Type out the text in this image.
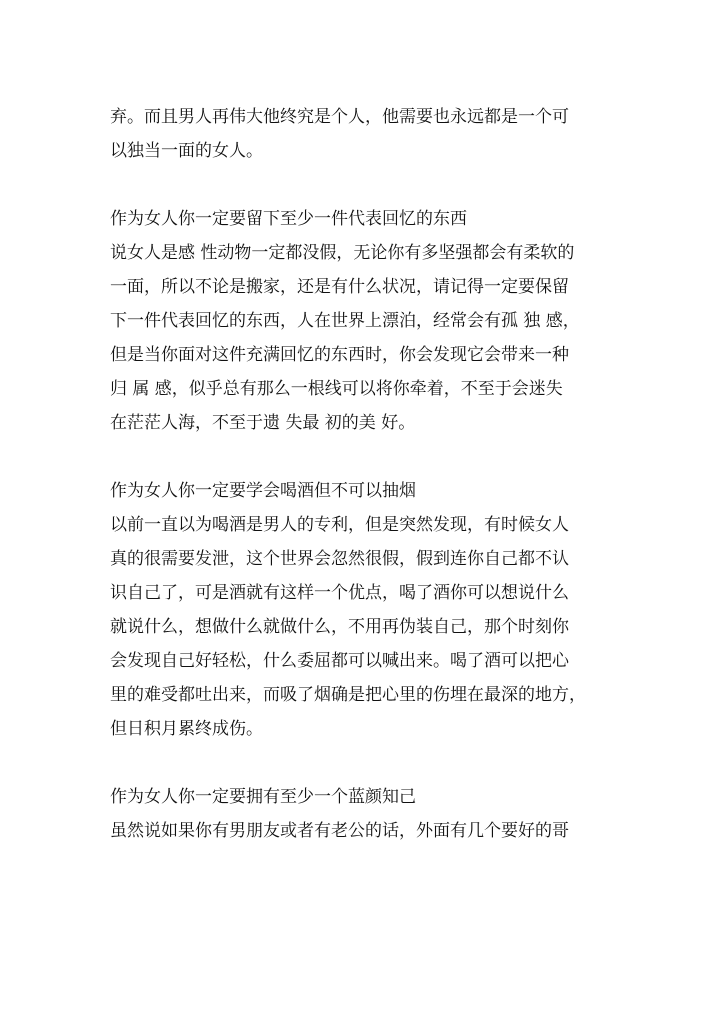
弃。而且男人再伟大他终究是个人，他需要也永远都是一个可
以独当一面的女人。
作为女人你一定要留下至少一件代表回忆的东西
说女人是感 性动物一定都没假，无论你有多坚强都会有柔软的
一面，所以不论是搬家，还是有什么状况，请记得一定要保留
下一件代表回忆的东西，人在世界上漂泊，经常会有孤 独 感，
但是当你面对这件充满回忆的东西时，你会发现它会带来一种
归 属 感，似乎总有那么一根线可以将你牵着，不至于会迷失
在茫茫人海，不至于遗 失最 初的美 好。
作为女人你一定要学会喝酒但不可以抽烟
以前一直以为喝酒是男人的专利，但是突然发现，有时候女人
真的很需要发泄，这个世界会忽然很假，假到连你自己都不认
识自己了，可是酒就有这样一个优点，喝了酒你可以想说什么
就说什么，想做什么就做什么，不用再伪装自己，那个时刻你
会发现自己好轻松，什么委屈都可以喊出来。喝了酒可以把心
里的难受都吐出来，而吸了烟确是把心里的伤埋在最深的地方，
但日积月累终成伤。
作为女人你一定要拥有至少一个蓝颜知己
虽然说如果你有男朋友或者有老公的话，外面有几个要好的哥
